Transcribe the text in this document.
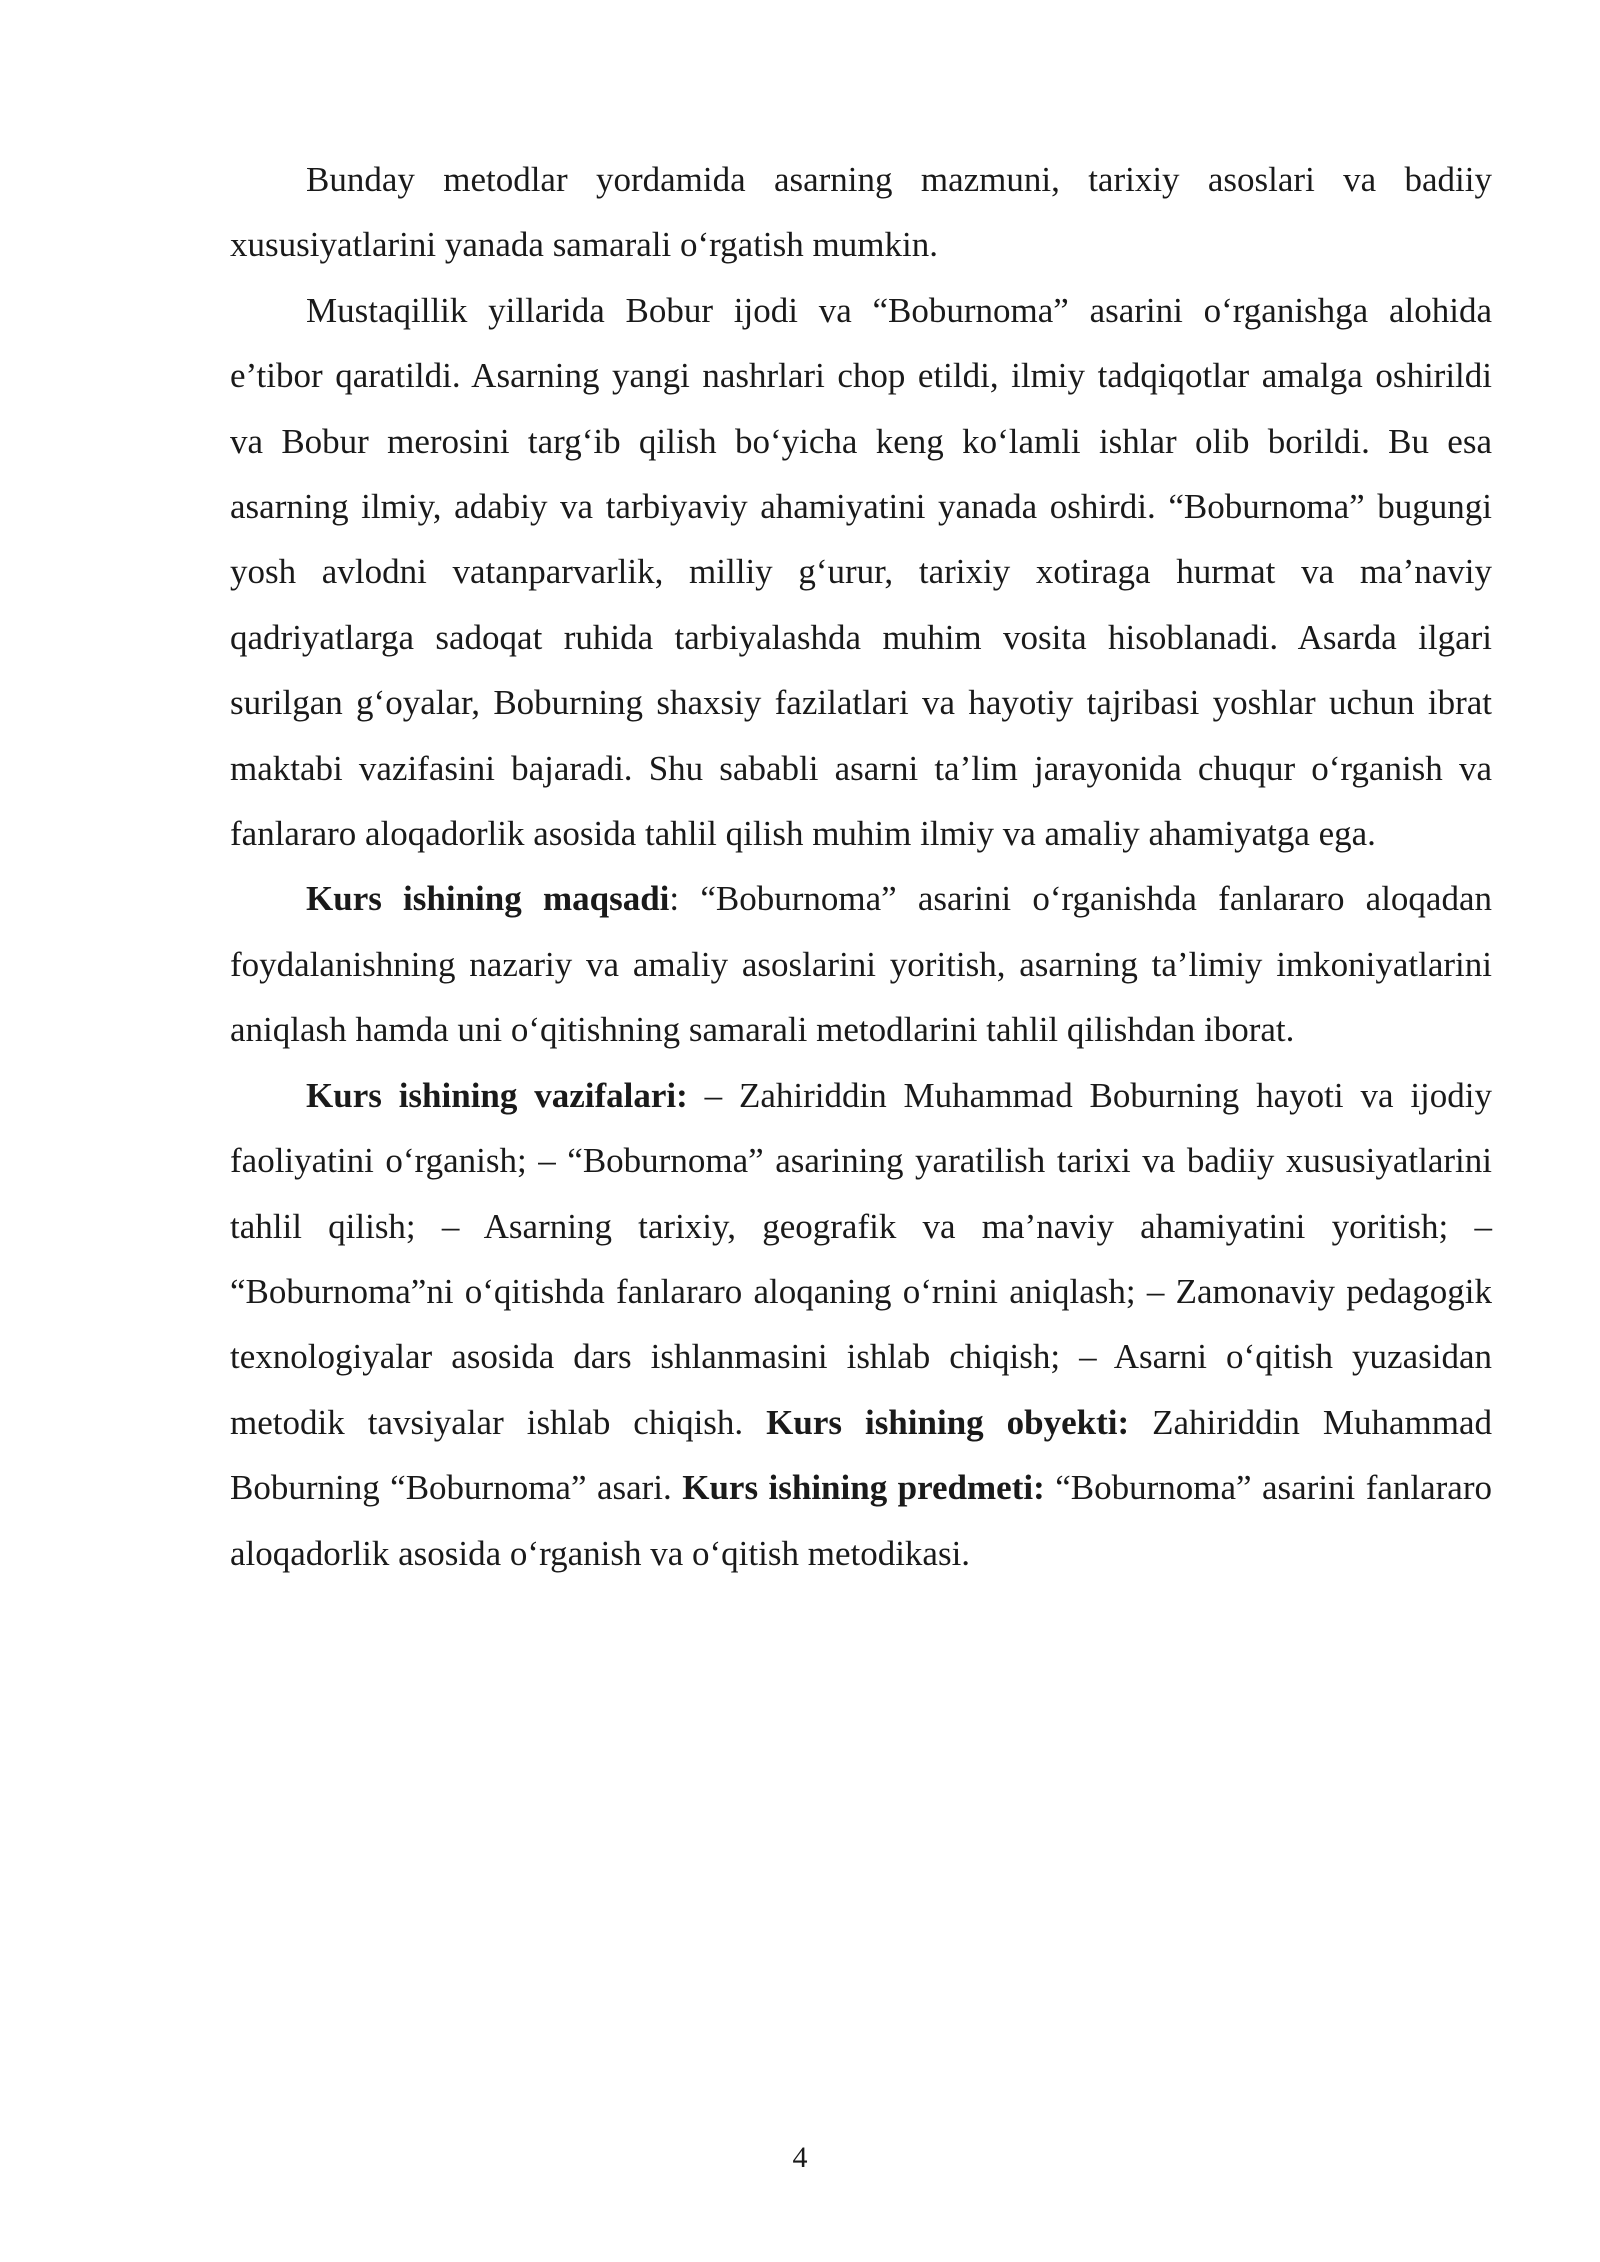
Bunday metodlar yordamida asarning mazmuni, tarixiy asoslari va badiiy xususiyatlarini yanada samarali o‘rgatish mumkin.

Mustaqillik yillarida Bobur ijodi va “Boburnoma” asarini o‘rganishga alohida e’tibor qaratildi. Asarning yangi nashrlari chop etildi, ilmiy tadqiqotlar amalga oshirildi va Bobur merosini targ‘ib qilish bo‘yicha keng ko‘lamli ishlar olib borildi. Bu esa asarning ilmiy, adabiy va tarbiyaviy ahamiyatini yanada oshirdi. “Boburnoma” bugungi yosh avlodni vatanparvarlik, milliy g‘urur, tarixiy xotiraga hurmat va ma’naviy qadriyatlarga sadoqat ruhida tarbiyalashda muhim vosita hisoblanadi. Asarda ilgari surilgan g‘oyalar, Boburning shaxsiy fazilatlari va hayotiy tajribasi yoshlar uchun ibrat maktabi vazifasini bajaradi. Shu sababli asarni ta’lim jarayonida chuqur o‘rganish va fanlararo aloqadorlik asosida tahlil qilish muhim ilmiy va amaliy ahamiyatga ega.

Kurs ishining maqsadi: “Boburnoma” asarini o‘rganishda fanlararo aloqadan foydalanishning nazariy va amaliy asoslarini yoritish, asarning ta’limiy imkoniyatlarini aniqlash hamda uni o‘qitishning samarali metodlarini tahlil qilishdan iborat.

Kurs ishining vazifalari: – Zahiriddin Muhammad Boburning hayoti va ijodiy faoliyatini o‘rganish; – “Boburnoma” asarining yaratilish tarixi va badiiy xususiyatlarini tahlil qilish; – Asarning tarixiy, geografik va ma’naviy ahamiyatini yoritish; – “Boburnoma”ni o‘qitishda fanlararo aloqaning o‘rnini aniqlash; – Zamonaviy pedagogik texnologiyalar asosida dars ishlanmasini ishlab chiqish; – Asarni o‘qitish yuzasidan metodik tavsiyalar ishlab chiqish. Kurs ishining obyekti: Zahiriddin Muhammad Boburning “Boburnoma” asari. Kurs ishining predmeti: “Boburnoma” asarini fanlararo aloqadorlik asosida o‘rganish va o‘qitish metodikasi.

4
